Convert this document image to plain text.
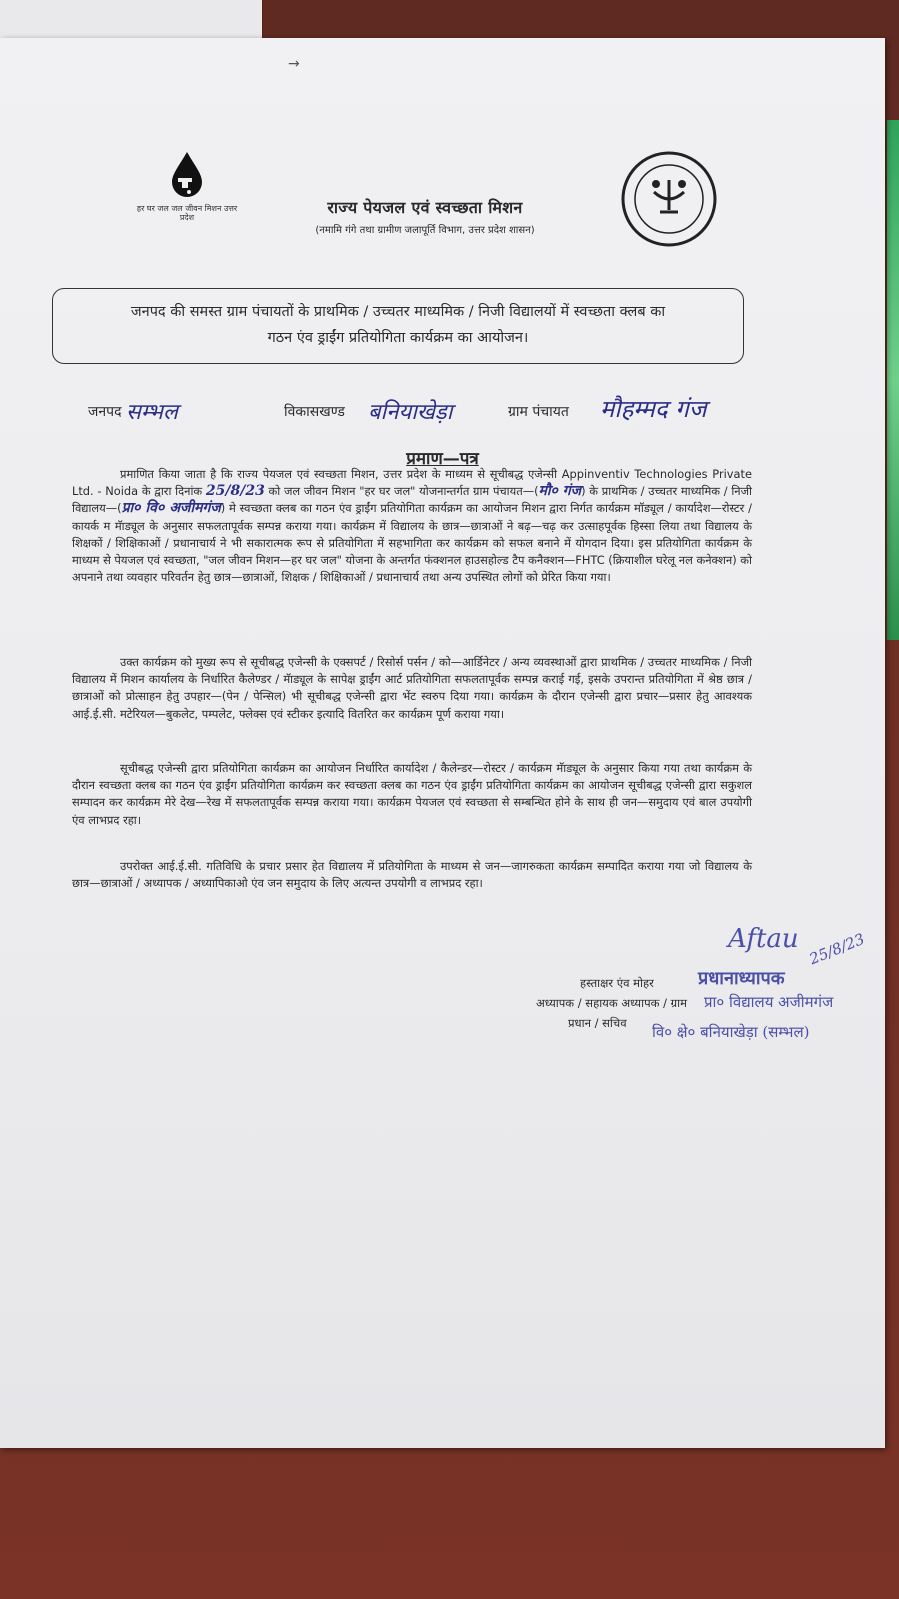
→
हर घर जल जल जीवन मिशन उत्तर प्रदेश
राज्य पेयजल एवं स्वच्छता मिशन
(नमामि गंगे तथा ग्रामीण जलापूर्ति विभाग, उत्तर प्रदेश शासन)
जनपद की समस्त ग्राम पंचायतों के प्राथमिक / उच्चतर माध्यमिक / निजी विद्यालयों में स्वच्छता क्लब का
गठन एंव ड्राईंग प्रतियोगिता कार्यक्रम का आयोजन।
जनपद सम्भल	विकासखण्ड बनियाखेड़ा	ग्राम पंचायत मौहम्मद गंज
प्रमाण—पत्र
प्रमाणित किया जाता है कि राज्य पेयजल एवं स्वच्छता मिशन, उत्तर प्रदेश के माध्यम से सूचीबद्ध एजेन्सी Appinventiv Technologies Private Ltd. - Noida के द्वारा दिनांक 25/8/23 को जल जीवन मिशन "हर घर जल" योजनान्तर्गत ग्राम पंचायत—(मौ० गंज) के प्राथमिक / उच्चतर माध्यमिक / निजी विद्यालय—(प्रा० वि० अजीमगंज) मे स्वच्छता क्लब का गठन एंव ड्राईंग प्रतियोगिता कार्यक्रम का आयोजन मिशन द्वारा निर्गत कार्यक्रम मॉड्यूल / कार्यादेश—रोस्टर / कायर्क म मॅाड्यूल के अनुसार सफलतापूर्वक सम्पन्न कराया गया। कार्यक्रम में विद्यालय के छात्र—छात्राओं ने बढ़—चढ़ कर उत्साहपूर्वक हिस्सा लिया तथा विद्यालय के शिक्षकों / शिक्षिकाओं / प्रधानाचार्य ने भी सकारात्मक रूप से प्रतियोगिता में सहभागिता कर कार्यक्रम को सफल बनाने में योगदान दिया। इस प्रतियोगिता कार्यक्रम के माध्यम से पेयजल एवं स्वच्छता, "जल जीवन मिशन—हर घर जल" योजना के अन्तर्गत फंक्शनल हाउसहोल्ड टैप कनैक्शन—FHTC (क्रियाशील घरेलू नल कनेक्शन) को अपनाने तथा व्यवहार परिवर्तन हेतु छात्र—छात्राओं, शिक्षक / शिक्षिकाओं / प्रधानाचार्य तथा अन्य उपस्थित लोगों को प्रेरित किया गया।
उक्त कार्यक्रम को मुख्य रूप से सूचीबद्ध एजेन्सी के एक्सपर्ट / रिसोर्स पर्सन / को—आर्डिनेटर / अन्य व्यवस्थाओं द्वारा प्राथमिक / उच्चतर माध्यमिक / निजी विद्यालय में मिशन कार्यालय के निर्धारित कैलेण्डर / मॅाड्यूल के सापेक्ष ड्राईंग आर्ट प्रतियोगिता सफलतापूर्वक सम्पन्न कराई गई, इसके उपरान्त प्रतियोगिता में श्रेष्ठ छात्र / छात्राओं को प्रोत्साहन हेतु उपहार—(पेन / पेन्सिल) भी सूचीबद्ध एजेन्सी द्वारा भेंट स्वरुप दिया गया। कार्यक्रम के दौरान एजेन्सी द्वारा प्रचार—प्रसार हेतु आवश्यक आई.ई.सी. मटेरियल—बुकलेट, पम्पलेट, फ्लेक्स एवं स्टीकर इत्यादि वितरित कर कार्यक्रम पूर्ण कराया गया।
सूचीबद्ध एजेन्सी द्वारा प्रतियोगिता कार्यक्रम का आयोजन निर्धारित कार्यादेश / कैलेन्डर—रोस्टर / कार्यक्रम मॅाड्यूल के अनुसार किया गया तथा कार्यक्रम के दौरान स्वच्छता क्लब का गठन एंव ड्राईंग प्रतियोगिता कार्यक्रम कर स्वच्छता क्लब का गठन एंव ड्राईंग प्रतियोगिता कार्यक्रम का आयोजन सूचीबद्ध एजेन्सी द्वारा सकुशल सम्पादन कर कार्यक्रम मेरे देख—रेख में सफलतापूर्वक सम्पन्न कराया गया। कार्यक्रम पेयजल एवं स्वच्छता से सम्बन्धित होने के साथ ही जन—समुदाय एवं बाल उपयोगी एंव लाभप्रद रहा।
उपरोक्त आई.ई.सी. गतिविधि के प्रचार प्रसार हेत विद्यालय में प्रतियोगिता के माध्यम से जन—जागरुकता कार्यक्रम सम्पादित कराया गया जो विद्यालय के छात्र—छात्राओं / अध्यापक / अध्यापिकाओ एंव जन समुदाय के लिए अत्यन्त उपयोगी व लाभप्रद रहा।
Aftau 25/8/23
प्रधानाध्यापक
हस्ताक्षर एंव मोहर
अध्यापक / सहायक अध्यापक / ग्राम
प्रधान / सचिव
प्रा० विद्यालय अजीमगंज
वि० क्षे० बनियाखेड़ा (सम्भल)
